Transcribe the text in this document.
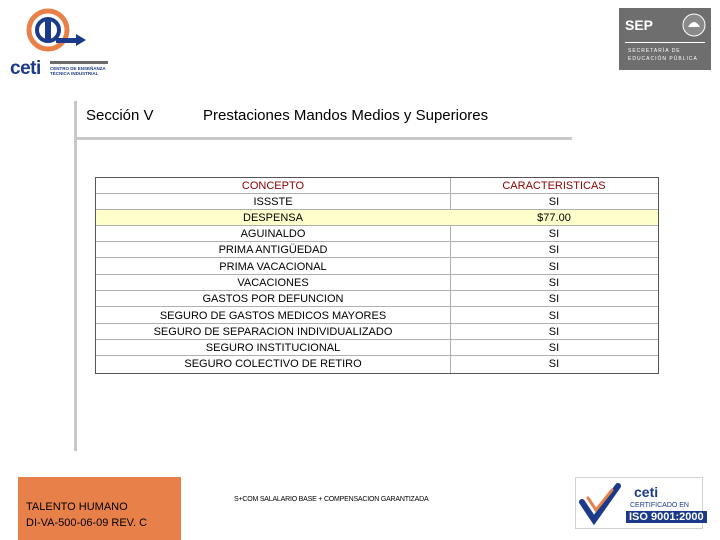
ceti CENTRO DE ENSEÑANZA
TÉCNICA INDUSTRIAL
SEP
SECRETARÍA DE
EDUCACIÓN PÚBLICA
Sección V	Prestaciones Mandos Medios y Superiores
CONCEPTO	CARACTERISTICAS
ISSSTE	SI
DESPENSA	$77.00
AGUINALDO	SI
PRIMA ANTIGÜEDAD	SI
PRIMA VACACIONAL	SI
VACACIONES	SI
GASTOS POR DEFUNCION	SI
SEGURO DE GASTOS MEDICOS MAYORES	SI
SEGURO DE SEPARACION INDIVIDUALIZADO	SI
SEGURO INSTITUCIONAL	SI
SEGURO COLECTIVO DE RETIRO	SI
TALENTO HUMANO
DI-VA-500-06-09 REV. C
S+COM SALALARIO BASE + COMPENSACION GARANTIZADA	ceti
CERTIFICADO EN
ISO 9001:2000
